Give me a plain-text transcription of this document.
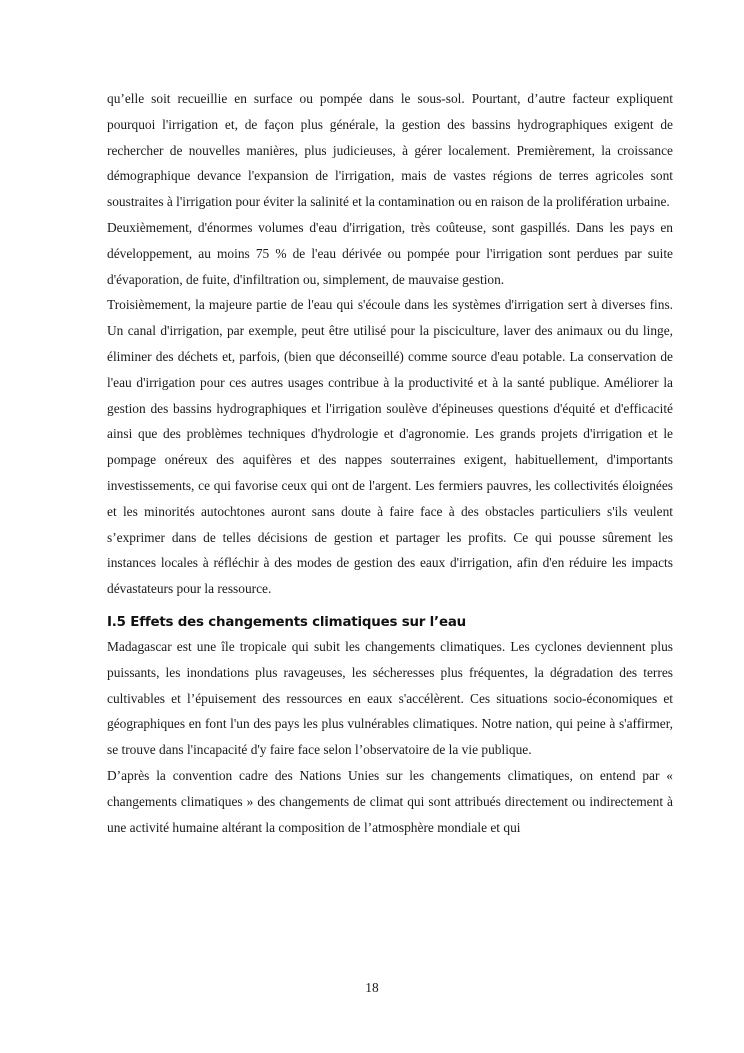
qu’elle soit recueillie en surface ou pompée dans le sous-sol. Pourtant, d’autre facteur expliquent pourquoi l'irrigation et, de façon plus générale, la gestion des bassins hydrographiques exigent de rechercher de nouvelles manières, plus judicieuses, à gérer localement. Premièrement, la croissance démographique devance l'expansion de l'irrigation, mais de vastes régions de terres agricoles sont soustraites à l'irrigation pour éviter la salinité et la contamination ou en raison de la prolifération urbaine.

Deuxièmement, d'énormes volumes d'eau d'irrigation, très coûteuse, sont gaspillés. Dans les pays en développement, au moins 75 % de l'eau dérivée ou pompée pour l'irrigation sont perdues par suite d'évaporation, de fuite, d'infiltration ou, simplement, de mauvaise gestion.

Troisièmement, la majeure partie de l'eau qui s'écoule dans les systèmes d'irrigation sert à diverses fins. Un canal d'irrigation, par exemple, peut être utilisé pour la pisciculture, laver des animaux ou du linge, éliminer des déchets et, parfois, (bien que déconseillé) comme source d'eau potable. La conservation de l'eau d'irrigation pour ces autres usages contribue à la productivité et à la santé publique. Améliorer la gestion des bassins hydrographiques et l'irrigation soulève d'épineuses questions d'équité et d'efficacité ainsi que des problèmes techniques d'hydrologie et d'agronomie. Les grands projets d'irrigation et le pompage onéreux des aquifères et des nappes souterraines exigent, habituellement, d'importants investissements, ce qui favorise ceux qui ont de l'argent. Les fermiers pauvres, les collectivités éloignées et les minorités autochtones auront sans doute à faire face à des obstacles particuliers s'ils veulent s’exprimer dans de telles décisions de gestion et partager les profits. Ce qui pousse sûrement les instances locales à réfléchir à des modes de gestion des eaux d'irrigation, afin d'en réduire les impacts dévastateurs pour la ressource.

I.5 Effets des changements climatiques sur l’eau

Madagascar est une île tropicale qui subit les changements climatiques. Les cyclones deviennent plus puissants, les inondations plus ravageuses, les sécheresses plus fréquentes, la dégradation des terres cultivables et l’épuisement des ressources en eaux s'accélèrent. Ces situations socio-économiques et géographiques en font l'un des pays les plus vulnérables climatiques. Notre nation, qui peine à s'affirmer, se trouve dans l'incapacité d'y faire face selon l’observatoire de la vie publique.

D’après la convention cadre des Nations Unies sur les changements climatiques, on entend par « changements climatiques » des changements de climat qui sont attribués directement ou indirectement à une activité humaine altérant la composition de l’atmosphère mondiale et qui

18
